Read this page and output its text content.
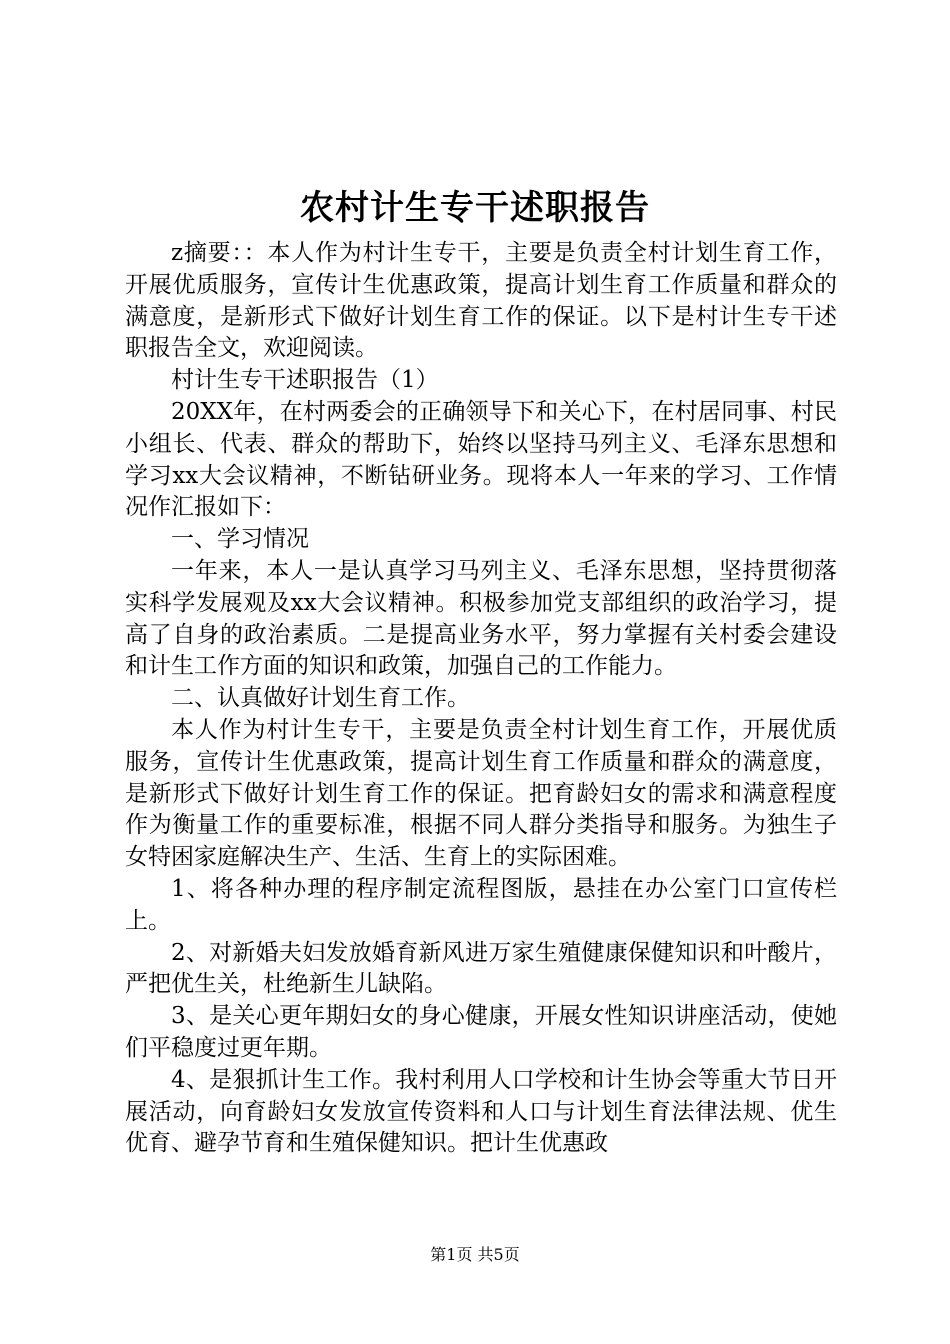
农村计生专干述职报告

z摘要：：本人作为村计生专干，主要是负责全村计划生育工作，开展优质服务，宣传计生优惠政策，提高计划生育工作质量和群众的满意度，是新形式下做好计划生育工作的保证。以下是村计生专干述职报告全文，欢迎阅读。

村计生专干述职报告（1）

20XX年，在村两委会的正确领导下和关心下，在村居同事、村民小组长、代表、群众的帮助下，始终以坚持马列主义、毛泽东思想和学习xx大会议精神，不断钻研业务。现将本人一年来的学习、工作情况作汇报如下：

一、学习情况

一年来，本人一是认真学习马列主义、毛泽东思想，坚持贯彻落实科学发展观及xx大会议精神。积极参加党支部组织的政治学习，提高了自身的政治素质。二是提高业务水平，努力掌握有关村委会建设和计生工作方面的知识和政策，加强自己的工作能力。

二、认真做好计划生育工作。

本人作为村计生专干，主要是负责全村计划生育工作，开展优质服务，宣传计生优惠政策，提高计划生育工作质量和群众的满意度，是新形式下做好计划生育工作的保证。把育龄妇女的需求和满意程度作为衡量工作的重要标准，根据不同人群分类指导和服务。为独生子女特困家庭解决生产、生活、生育上的实际困难。

1、将各种办理的程序制定流程图版，悬挂在办公室门口宣传栏上。

2、对新婚夫妇发放婚育新风进万家生殖健康保健知识和叶酸片，严把优生关，杜绝新生儿缺陷。

3、是关心更年期妇女的身心健康，开展女性知识讲座活动，使她们平稳度过更年期。

4、是狠抓计生工作。我村利用人口学校和计生协会等重大节日开展活动，向育龄妇女发放宣传资料和人口与计划生育法律法规、优生优育、避孕节育和生殖保健知识。把计生优惠政

第1页 共5页
